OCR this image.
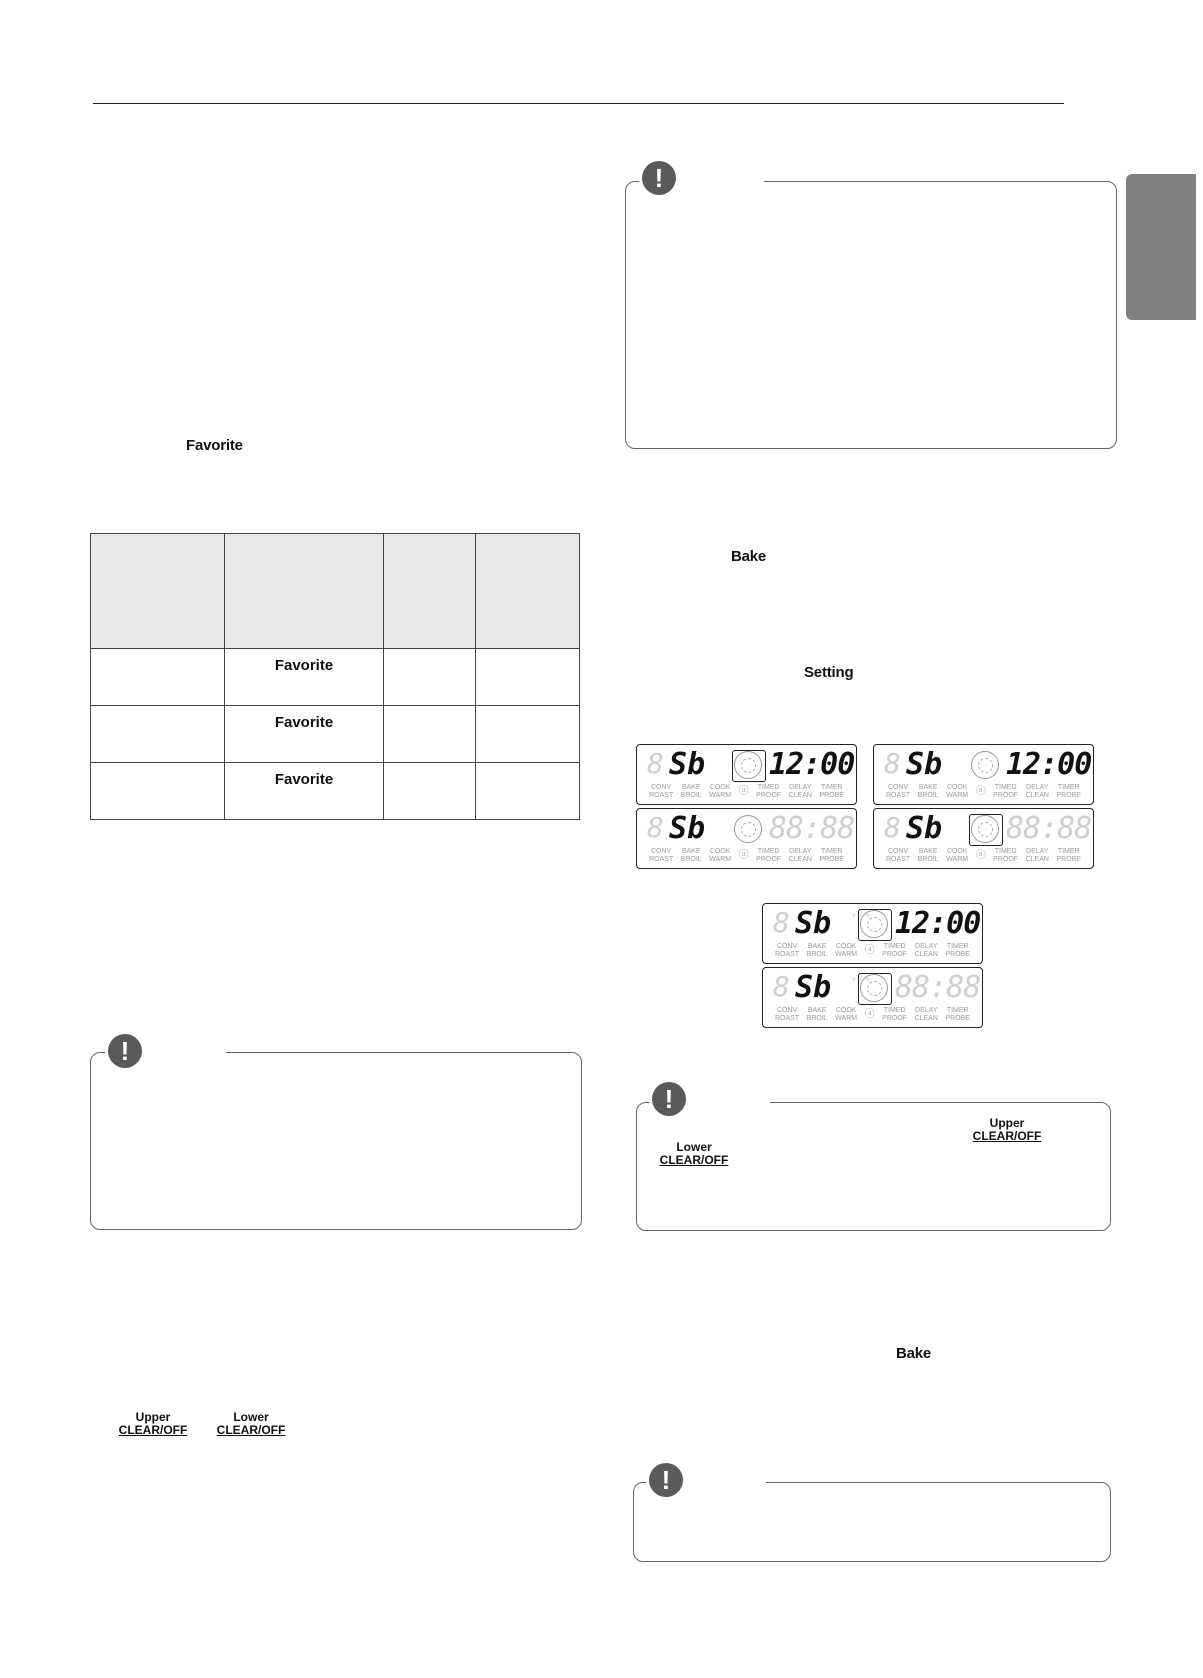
Favorite

	Favorite		
	Favorite		
	Favorite		
!
Upper
CLEAR/OFF
Lower
CLEAR/OFF
!
Bake
Setting
8 Sb 12:00
CONV
ROAST
BAKE
BROIL
COOK
WARM ⓐ TIMED
PROOF
DELAY
CLEAN
TIMER
PROBE
8 Sb 12:00
CONV
ROAST
BAKE
BROIL
COOK
WARM ⓐ TIMED
PROOF
DELAY
CLEAN
TIMER
PROBE
8 Sb 88:88
CONV
ROAST
BAKE
BROIL
COOK
WARM ⓐ TIMED
PROOF
DELAY
CLEAN
TIMER
PROBE
8 Sb 88:88
CONV
ROAST
BAKE
BROIL
COOK
WARM ⓐ TIMED
PROOF
DELAY
CLEAN
TIMER
PROBE
8 Sb ∘∘ ∘ 12:00
CONV
ROAST
BAKE
BROIL
COOK
WARM ⓐ TIMED
PROOF
DELAY
CLEAN
TIMER
PROBE
8 Sb ∘∘ ∘ 88:88
CONV
ROAST
BAKE
BROIL
COOK
WARM ⓐ TIMED
PROOF
DELAY
CLEAN
TIMER
PROBE
!
Upper
CLEAR/OFF
Lower
CLEAR/OFF
Bake
!
